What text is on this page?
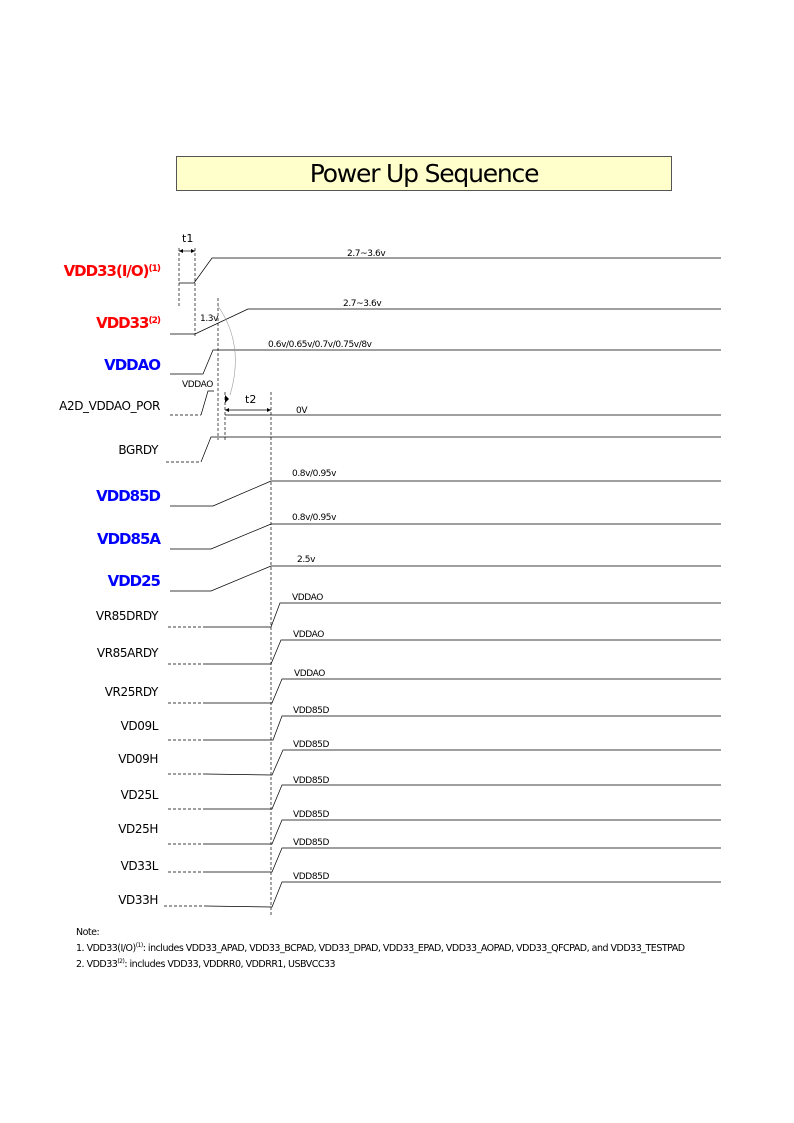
Power Up Sequence
$VDD33(I/O)^{(1)}$
VDD33$^{(2)}$
VDDAO
A2D_VDDAO_POR
BGRDY
VDD85D
VDD85A
VDD25
VR85DRDY
VR85ARDY
VR25RDY
VD09L
VD09H
VD25L
VD25H
VD33L
VD33H
2.7~3.6v
t1
2.7~3.6v
1.3v
0.6v/0.65v/0.7v/0.75v/8v
VDDAO
0V
t2
0.8v/0.95v
0.8v/0.95v
2.5v
VDDAO
VDDAO
VDDAO
VDD85D
VDD85D
VDD85D
VDD85D
VDD85D
VDD85D
Note:
1. $VDD33(I/O)^{(1)}$: includes VDD33_APAD, VDD33_BCPAD, VDD33_DPAD, VDD33_EPAD, VDD33_AOPAD, VDD33_QFCPAD, and VDD33_TESTPAD
2. VDD33$^{(2)}$: includes VDD33, VDDRR0, VDDRR1, USBVCC33
